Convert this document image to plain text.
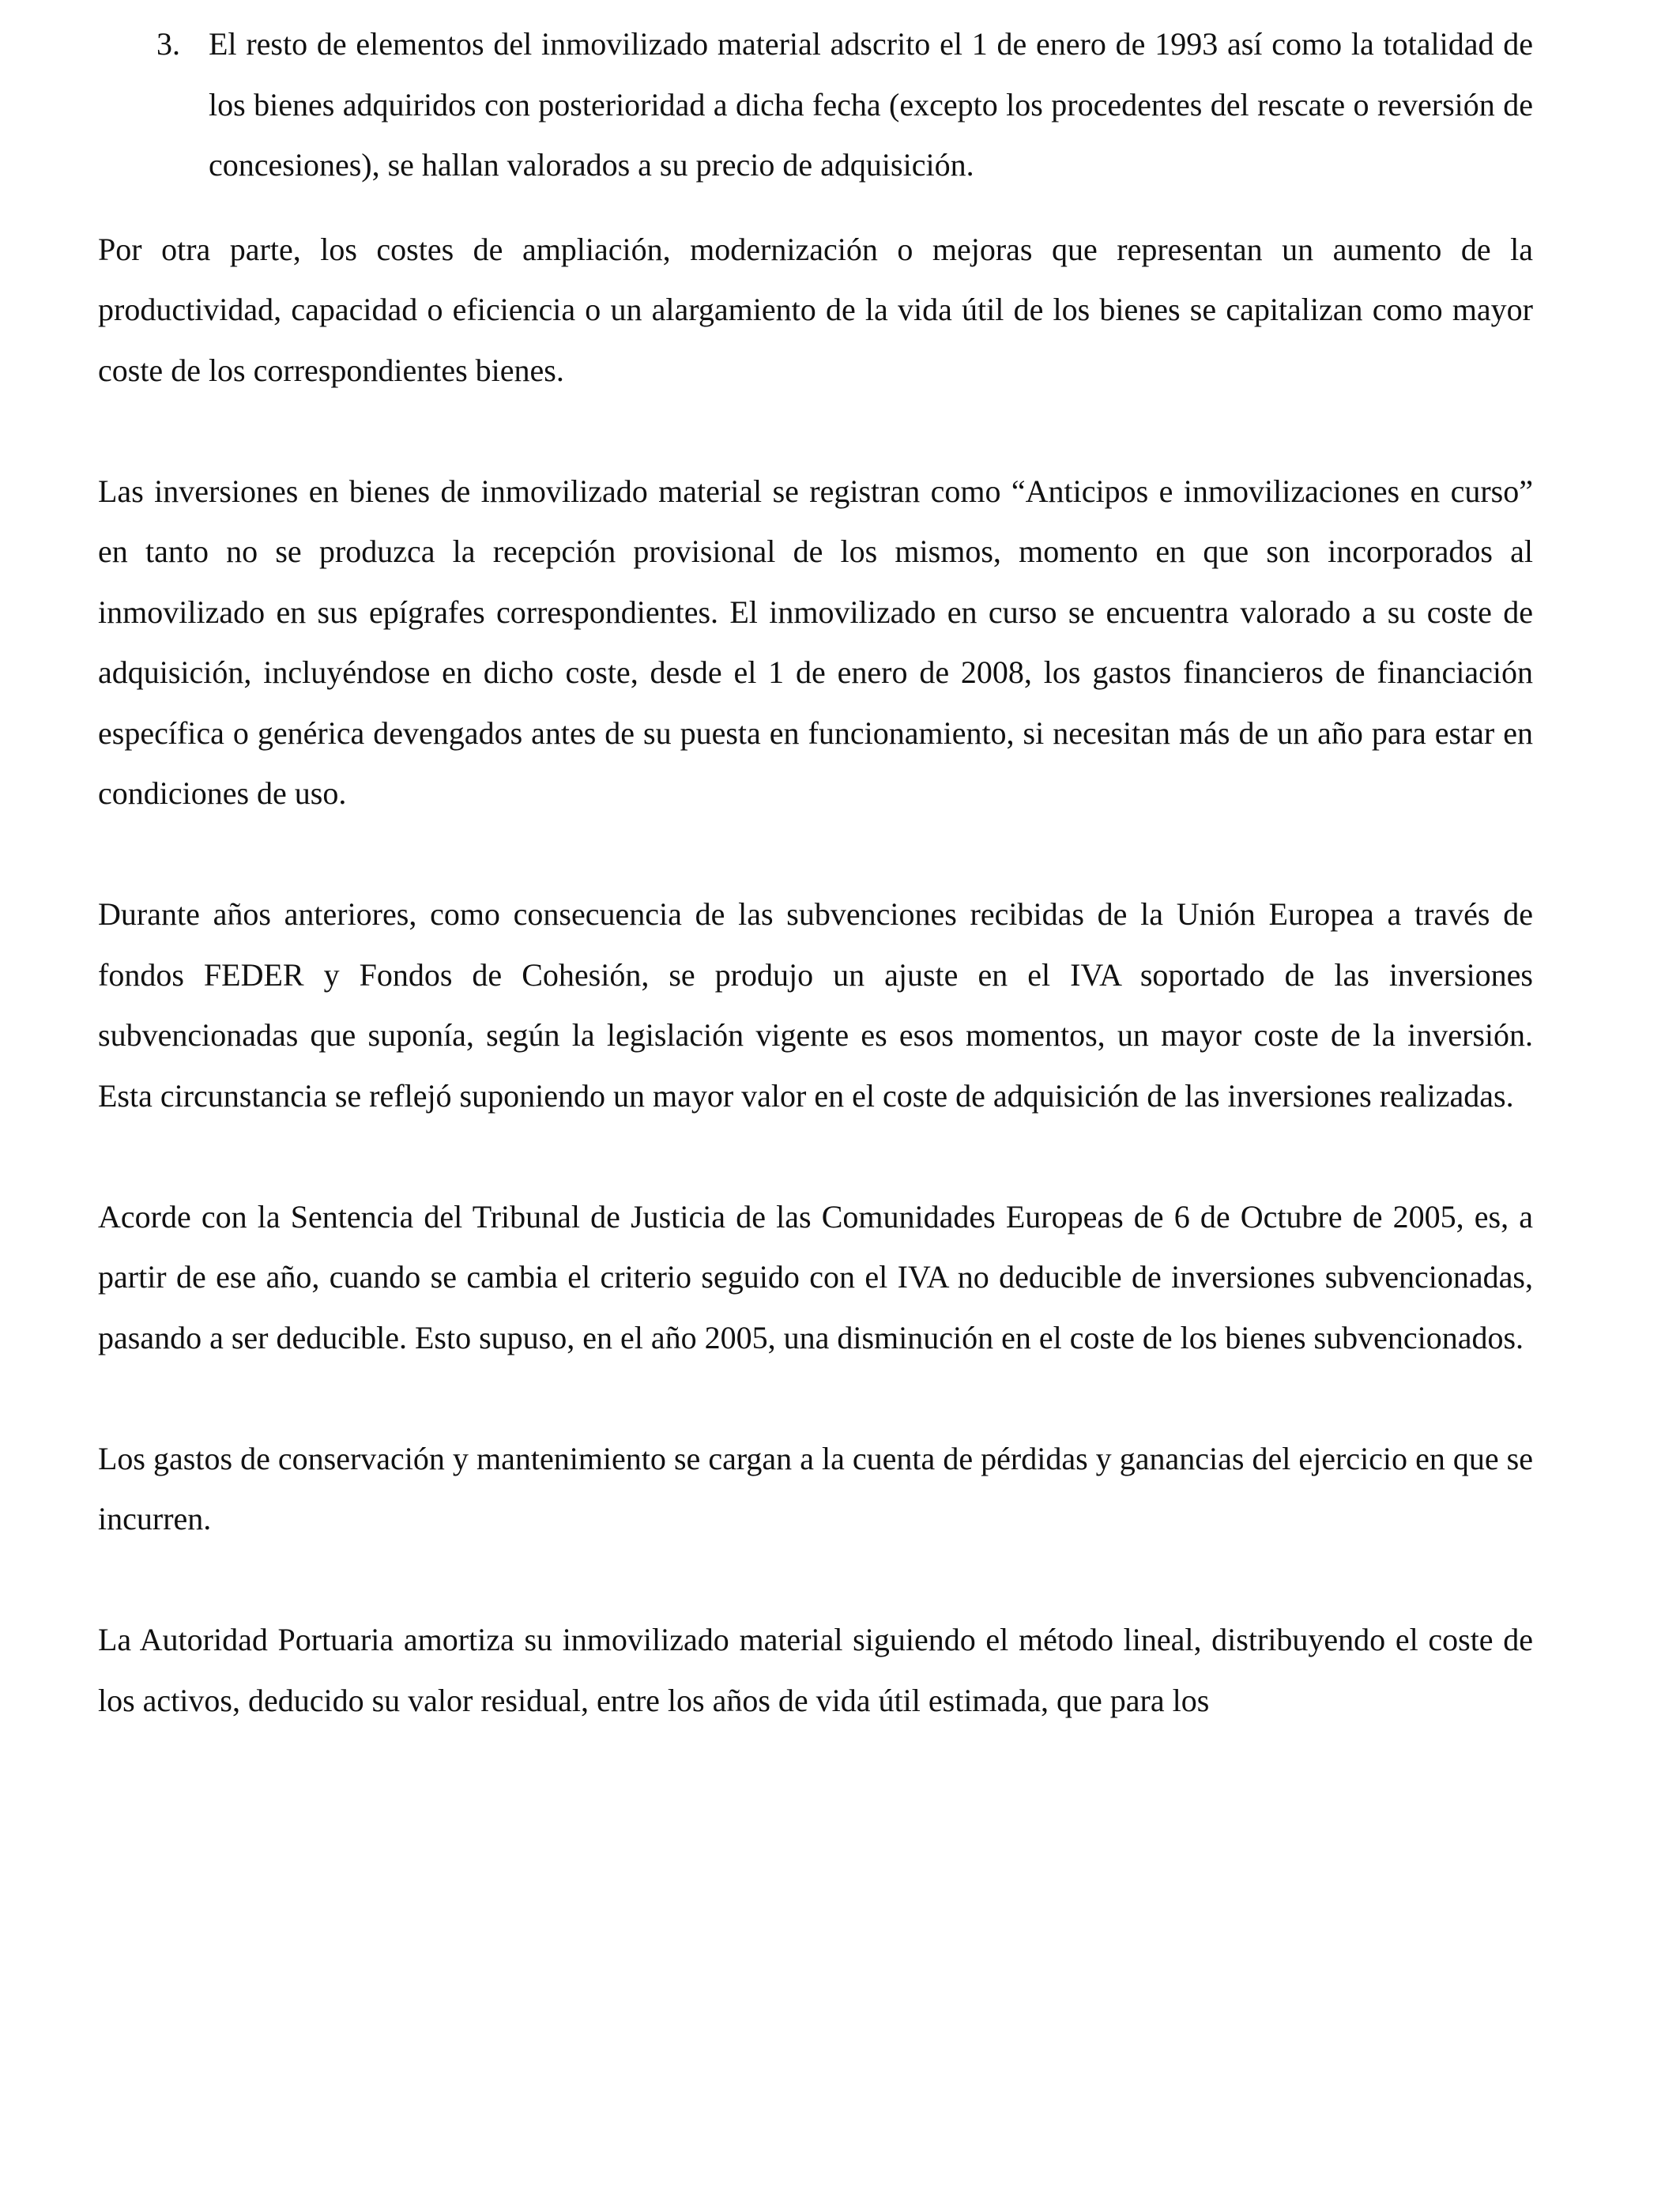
3. El resto de elementos del inmovilizado material adscrito el 1 de enero de 1993 así como la totalidad de los bienes adquiridos con posterioridad a dicha fecha (excepto los procedentes del rescate o reversión de concesiones), se hallan valorados a su precio de adquisición.

Por otra parte, los costes de ampliación, modernización o mejoras que representan un aumento de la productividad, capacidad o eficiencia o un alargamiento de la vida útil de los bienes se capitalizan como mayor coste de los correspondientes bienes.

Las inversiones en bienes de inmovilizado material se registran como “Anticipos e inmovilizaciones en curso” en tanto no se produzca la recepción provisional de los mismos, momento en que son incorporados al inmovilizado en sus epígrafes correspondientes. El inmovilizado en curso se encuentra valorado a su coste de adquisición, incluyéndose en dicho coste, desde el 1 de enero de 2008, los gastos financieros de financiación específica o genérica devengados antes de su puesta en funcionamiento, si necesitan más de un año para estar en condiciones de uso.

Durante años anteriores, como consecuencia de las subvenciones recibidas de la Unión Europea a través de fondos FEDER y Fondos de Cohesión, se produjo un ajuste en el IVA soportado de las inversiones subvencionadas que suponía, según la legislación vigente es esos momentos, un mayor coste de la inversión. Esta circunstancia se reflejó suponiendo un mayor valor en el coste de adquisición de las inversiones realizadas.

Acorde con la Sentencia del Tribunal de Justicia de las Comunidades Europeas de 6 de Octubre de 2005, es, a partir de ese año, cuando se cambia el criterio seguido con el IVA no deducible de inversiones subvencionadas, pasando a ser deducible. Esto supuso, en el año 2005, una disminución en el coste de los bienes subvencionados.

Los gastos de conservación y mantenimiento se cargan a la cuenta de pérdidas y ganancias del ejercicio en que se incurren.

La Autoridad Portuaria amortiza su inmovilizado material siguiendo el método lineal, distribuyendo el coste de los activos, deducido su valor residual, entre los años de vida útil estimada, que para los
